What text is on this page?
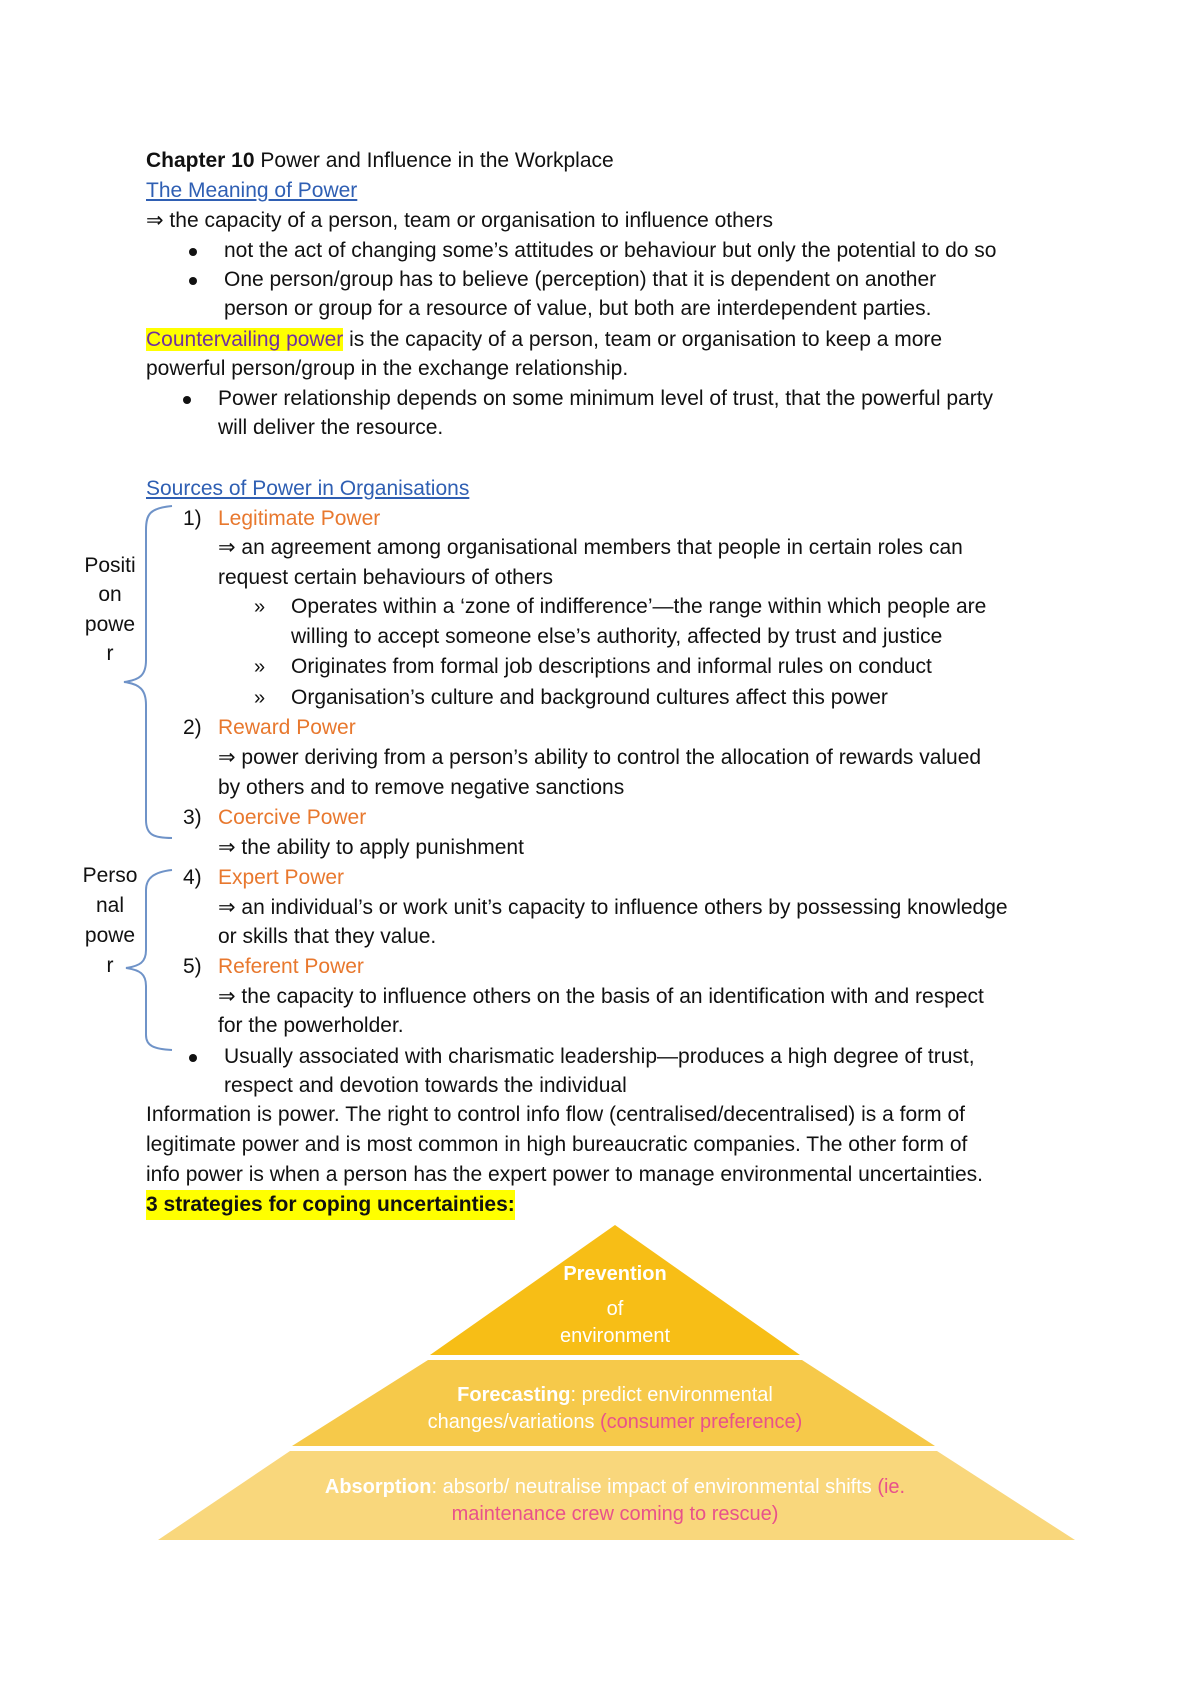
Chapter 10 Power and Influence in the Workplace
The Meaning of Power
⇒ the capacity of a person, team or organisation to influence others
not the act of changing some’s attitudes or behaviour but only the potential to do so
One person/group has to believe (perception) that it is dependent on another
person or group for a resource of value, but both are interdependent parties.
Countervailing power is the capacity of a person, team or organisation to keep a more
powerful person/group in the exchange relationship.
Power relationship depends on some minimum level of trust, that the powerful party
will deliver the resource.
Sources of Power in Organisations
Positi
on
powe
r
Perso
nal
powe
r
1) Legitimate Power
⇒ an agreement among organisational members that people in certain roles can
request certain behaviours of others
» Operates within a ‘zone of indifference’—the range within which people are
willing to accept someone else’s authority, affected by trust and justice
» Originates from formal job descriptions and informal rules on conduct
» Organisation’s culture and background cultures affect this power
2) Reward Power
⇒ power deriving from a person’s ability to control the allocation of rewards valued
by others and to remove negative sanctions
3) Coercive Power
⇒ the ability to apply punishment
4) Expert Power
⇒ an individual’s or work unit’s capacity to influence others by possessing knowledge
or skills that they value.
5) Referent Power
⇒ the capacity to influence others on the basis of an identification with and respect
for the powerholder.
Usually associated with charismatic leadership—produces a high degree of trust,
respect and devotion towards the individual
Information is power. The right to control info flow (centralised/decentralised) is a form of
legitimate power and is most common in high bureaucratic companies. The other form of
info power is when a person has the expert power to manage environmental uncertainties.
3 strategies for coping uncertainties:
Prevention
of
environment
Forecasting: predict environmental
changes/variations (consumer preference)
Absorption: absorb/ neutralise impact of environmental shifts (ie.
maintenance crew coming to rescue)
